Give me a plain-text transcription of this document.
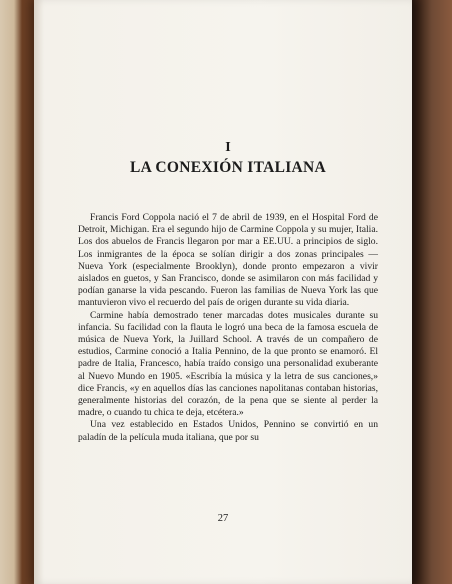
I
LA CONEXIÓN ITALIANA

Francis Ford Coppola nació el 7 de abril de 1939, en el Hospital Ford de Detroit, Michigan. Era el segundo hijo de Carmine Coppola y su mujer, Italia. Los dos abuelos de Francis llegaron por mar a EE.UU. a principios de siglo. Los inmigrantes de la época se solían dirigir a dos zonas principales — Nueva York (especialmente Brooklyn), donde pronto empezaron a vivir aislados en guetos, y San Francisco, donde se asimilaron con más facilidad y podían ganarse la vida pescando. Fueron las familias de Nueva York las que mantuvieron vivo el recuerdo del país de origen durante su vida diaria.

Carmine había demostrado tener marcadas dotes musicales durante su infancia. Su facilidad con la flauta le logró una beca de la famosa escuela de música de Nueva York, la Juillard School. A través de un compañero de estudios, Carmine conoció a Italia Pennino, de la que pronto se enamoró. El padre de Italia, Francesco, había traído consigo una personalidad exuberante al Nuevo Mundo en 1905. «Escribía la música y la letra de sus canciones,» dice Francis, «y en aquellos días las canciones napolitanas contaban historias, generalmente historias del corazón, de la pena que se siente al perder la madre, o cuando tu chica te deja, etcétera.»

Una vez establecido en Estados Unidos, Pennino se convirtió en un paladín de la película muda italiana, que por su

27
